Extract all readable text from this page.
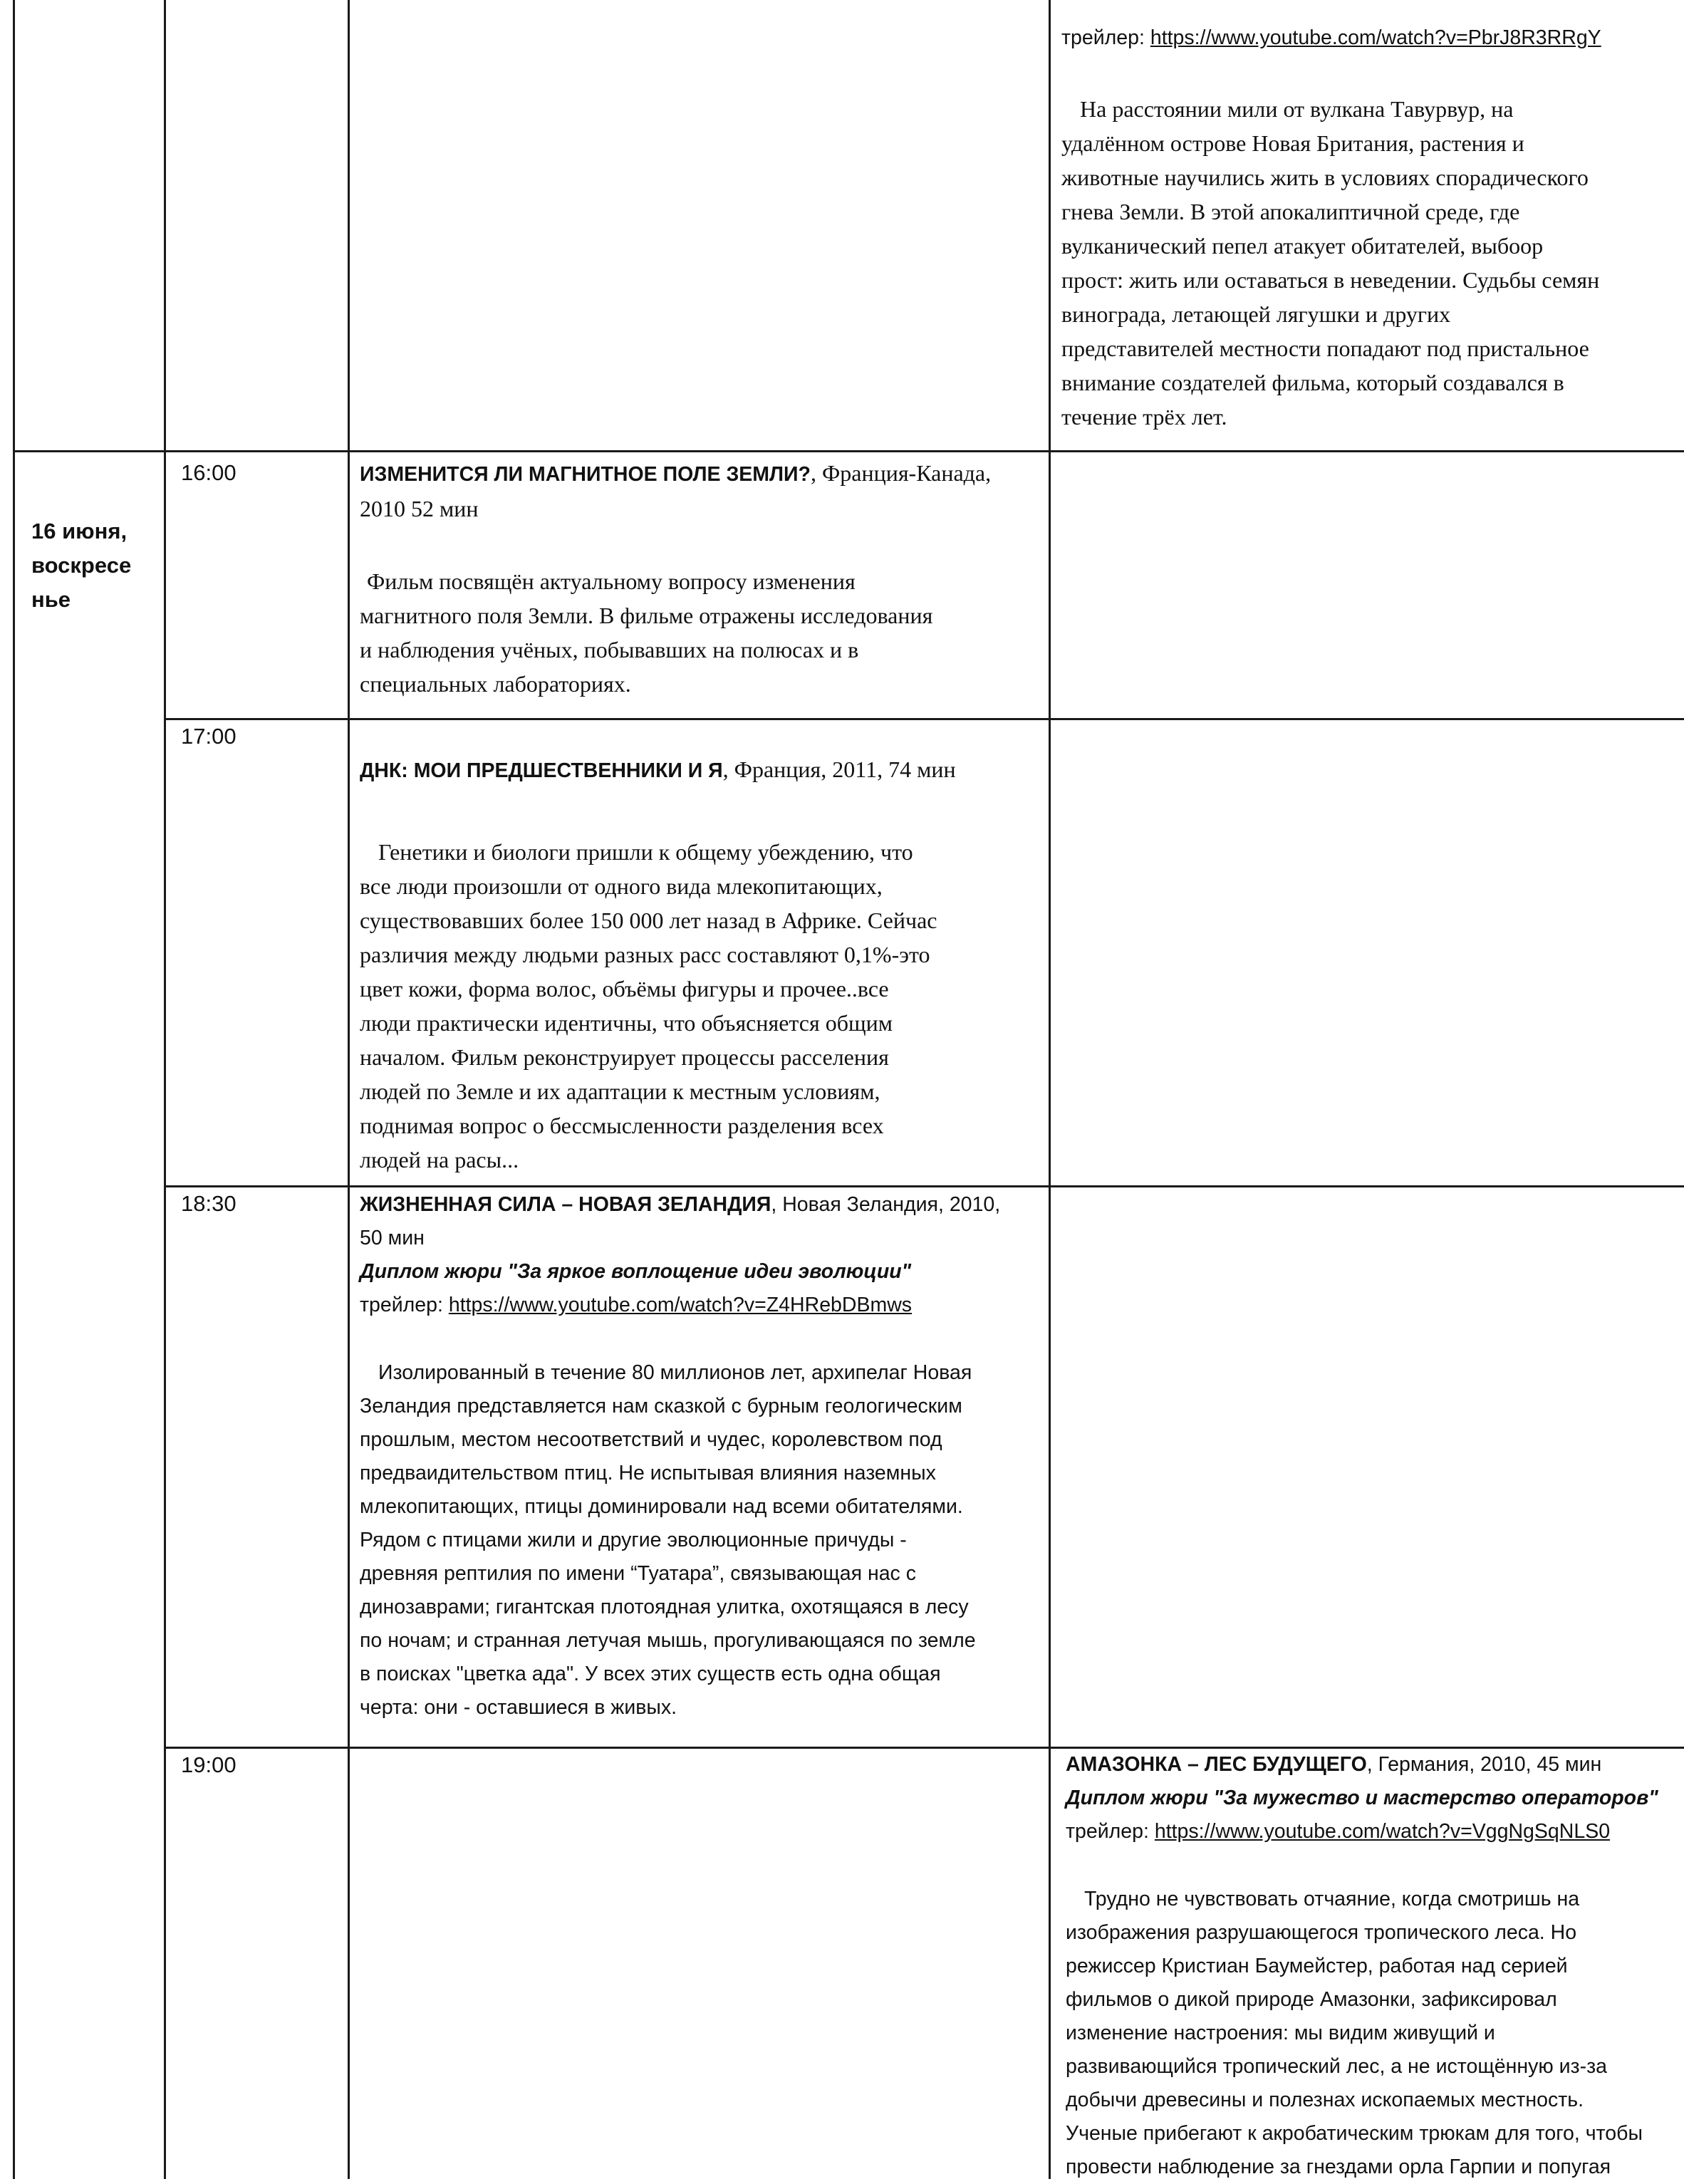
трейлер: https://www.youtube.com/watch?v=PbrJ8R3RRgY

На расстоянии мили от вулкана Тавурвур, на

удалённом острове Новая Британия, растения и

животные научились жить в условиях спорадического

гнева Земли. В этой апокалиптичной среде, где

вулканический пепел атакует обитателей, выбоор

прост: жить или оставаться в неведении. Судьбы семян

винограда, летающей лягушки и других

представителей местности попадают под пристальное

внимание создателей фильма, который создавался в

течение трёх лет.

16 июня,

воскресе

нье

16:00
17:00
18:30
19:00

ИЗМЕНИТСЯ ЛИ МАГНИТНОЕ ПОЛЕ ЗЕМЛИ?, Франция-Канада,

2010 52 мин

Фильм посвящён актуальному вопросу изменения

магнитного поля Земли. В фильме отражены исследования

и наблюдения учёных, побывавших на полюсах и в

специальных лабораториях.

ДНК: МОИ ПРЕДШЕСТВЕННИКИ И Я, Франция, 2011, 74 мин

Генетики и биологи пришли к общему убеждению, что

все люди произошли от одного вида млекопитающих,

существовавших более 150 000 лет назад в Африке. Сейчас

различия между людьми разных расс составляют 0,1%-это

цвет кожи, форма волос, объёмы фигуры и прочее..все

люди практически идентичны, что объясняется общим

началом. Фильм реконструирует процессы расселения

людей по Земле и их адаптации к местным условиям,

поднимая вопрос о бессмысленности разделения всех

людей на расы...

ЖИЗНЕННАЯ СИЛА – НОВАЯ ЗЕЛАНДИЯ, Новая Зеландия, 2010,

50 мин

Диплом жюри "За яркое воплощение идеи эволюции"

трейлер: https://www.youtube.com/watch?v=Z4HRebDBmws

Изолированный в течение 80 миллионов лет, архипелаг Новая

Зеландия представляется нам сказкой с бурным геологическим

прошлым, местом несоответствий и чудес, королевством под

предваидительством птиц. Не испытывая влияния наземных

млекопитающих, птицы доминировали над всеми обитателями.

Рядом с птицами жили и другие эволюционные причуды -

древняя рептилия по имени “Туатара”, связывающая нас с

динозаврами; гигантская плотоядная улитка, охотящаяся в лесу

по ночам; и странная летучая мышь, прогуливающаяся по земле

в поисках "цветка ада". У всех этих существ есть одна общая

черта: они - оставшиеся в живых.

АМАЗОНКА – ЛЕС БУДУЩЕГО, Германия, 2010, 45 мин

Диплом жюри "За мужество и мастерство операторов"

трейлер: https://www.youtube.com/watch?v=VggNgSqNLS0

Трудно не чувствовать отчаяние, когда смотришь на

изображения разрушающегося тропического леса. Но

режиссер Кристиан Баумейстер, работая над серией

фильмов о дикой природе Амазонки, зафиксировал

изменение настроения: мы видим живущий и

развивающийся тропический лес, а не истощённую из-за

добычи древесины и полезнах ископаемых местность.

Ученые прибегают к акробатическим трюкам для того, чтобы

провести наблюдение за гнездами орла Гарпии и попугая
